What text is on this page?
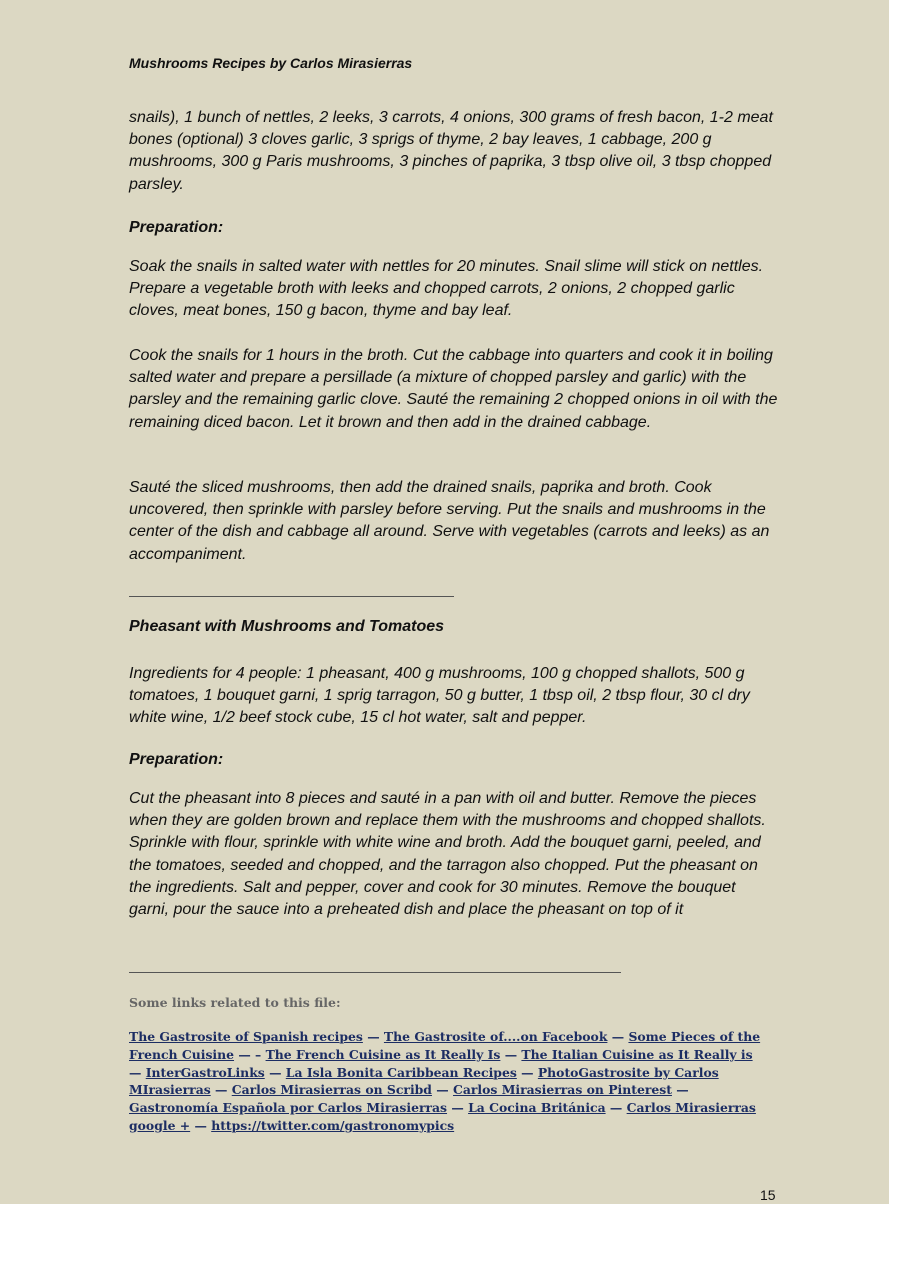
Mushrooms Recipes by Carlos Mirasierras

snails), 1 bunch of nettles, 2 leeks, 3 carrots, 4 onions, 300 grams of fresh bacon, 1-2 meat bones (optional) 3 cloves garlic, 3 sprigs of thyme, 2 bay leaves, 1 cabbage, 200 g mushrooms, 300 g Paris mushrooms, 3 pinches of paprika, 3 tbsp olive oil, 3 tbsp chopped parsley.

Preparation:

Soak the snails in salted water with nettles for 20 minutes. Snail slime will stick on nettles. Prepare a vegetable broth with leeks and chopped carrots, 2 onions, 2 chopped garlic cloves, meat bones, 150 g bacon, thyme and bay leaf.

Cook the snails for 1 hours in the broth. Cut the cabbage into quarters and cook it in boiling salted water and prepare a persillade (a mixture of chopped parsley and garlic) with the parsley and the remaining garlic clove. Sauté the remaining 2 chopped onions in oil with the remaining diced bacon. Let it brown and then add in the drained cabbage.

Sauté the sliced mushrooms, then add the drained snails, paprika and broth. Cook uncovered, then sprinkle with parsley before serving. Put the snails and mushrooms in the center of the dish and cabbage all around. Serve with vegetables (carrots and leeks) as an accompaniment.

Pheasant with Mushrooms and Tomatoes

Ingredients for 4 people: 1 pheasant, 400 g mushrooms, 100 g chopped shallots, 500 g tomatoes, 1 bouquet garni, 1 sprig tarragon, 50 g butter, 1 tbsp oil, 2 tbsp flour, 30 cl dry white wine, 1/2 beef stock cube, 15 cl hot water, salt and pepper.

Preparation:

Cut the pheasant into 8 pieces and sauté in a pan with oil and butter. Remove the pieces when they are golden brown and replace them with the mushrooms and chopped shallots. Sprinkle with flour, sprinkle with white wine and broth. Add the bouquet garni, peeled, and the tomatoes, seeded and chopped, and the tarragon also chopped. Put the pheasant on the ingredients. Salt and pepper, cover and cook for 30 minutes. Remove the bouquet garni, pour the sauce into a preheated dish and place the pheasant on top of it

Some links related to this file:
The Gastrosite of Spanish recipes — The Gastrosite of....on Facebook — Some Pieces of the French Cuisine — – The French Cuisine as It Really Is — The Italian Cuisine as It Really is — InterGastroLinks — La Isla Bonita Caribbean Recipes — PhotoGastrosite by Carlos MIrasierras — Carlos Mirasierras on Scribd — Carlos Mirasierras on Pinterest — Gastronomía Española por Carlos Mirasierras — La Cocina Británica — Carlos Mirasierras google + — https://twitter.com/gastronomypics
15
